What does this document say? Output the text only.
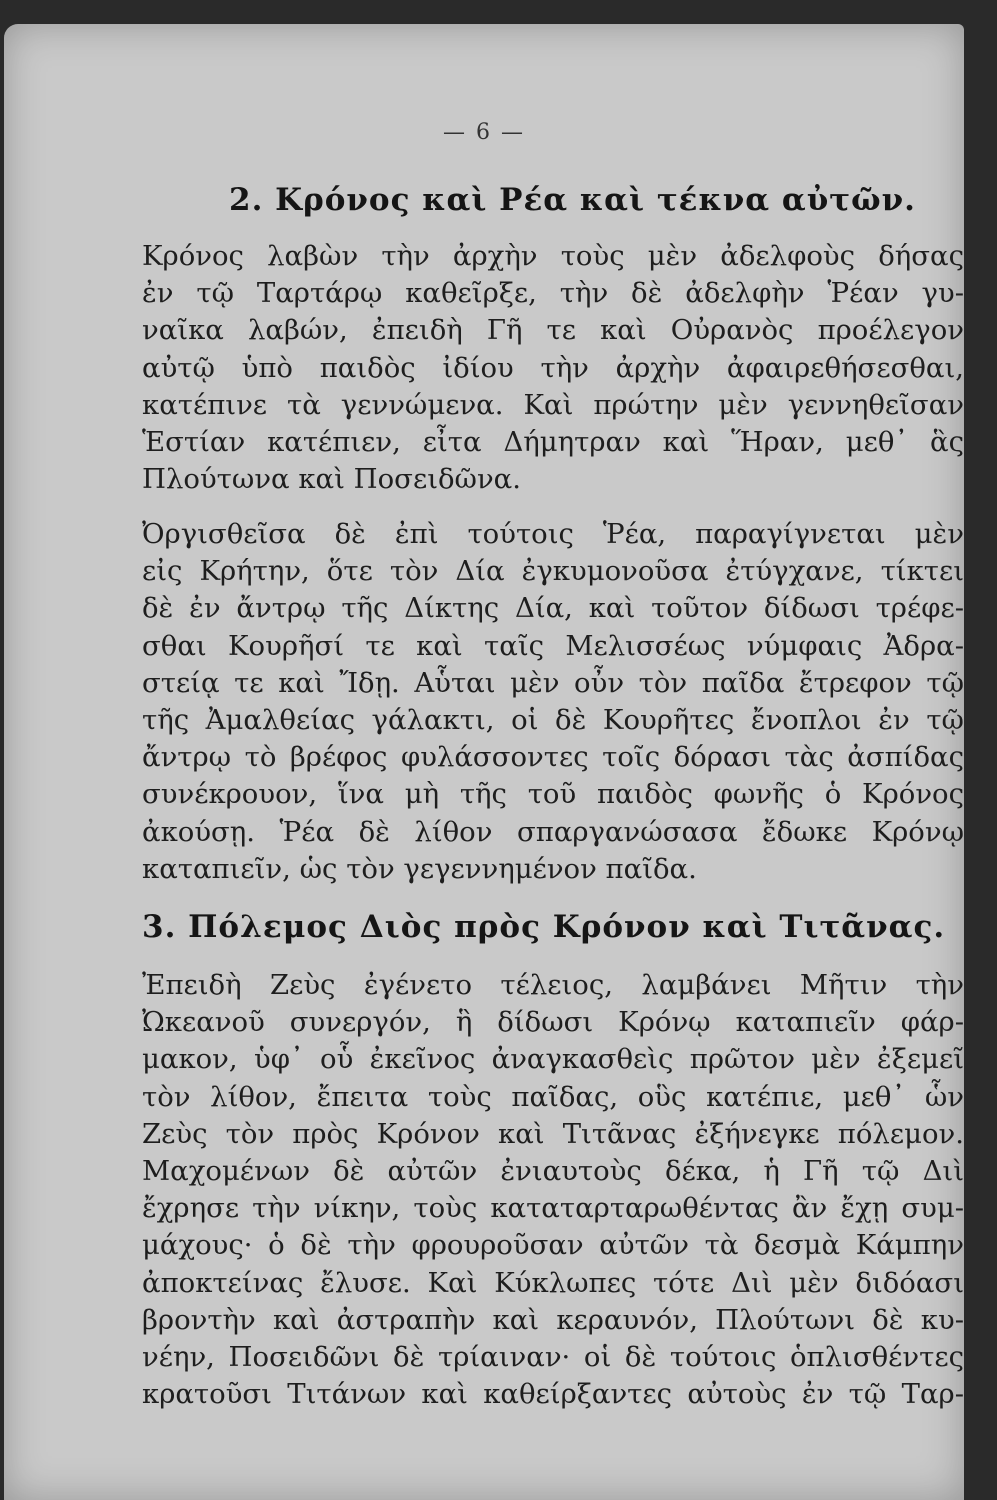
— 6 —
2. Κρόνος καὶ Ρέα καὶ τέκνα αὐτῶν.
Κρόνος λαβὼν τὴν ἀρχὴν τοὺς μὲν ἀδελφοὺς δήσας
ἐν τῷ Ταρτάρῳ καθεῖρξε, τὴν δὲ ἀδελφὴν Ῥέαν γυ-
ναῖκα λαβών, ἐπειδὴ Γῆ τε καὶ Οὐρανὸς προέλεγον
αὐτῷ ὑπὸ παιδὸς ἰδίου τὴν ἀρχὴν ἀφαιρεθήσεσθαι,
κατέπινε τὰ γεννώμενα. Καὶ πρώτην μὲν γεννηθεῖσαν
Ἑστίαν κατέπιεν, εἶτα Δήμητραν καὶ Ἥραν, μεθ᾽ ἃς
Πλούτωνα καὶ Ποσειδῶνα.
Ὀργισθεῖσα δὲ ἐπὶ τούτοις Ῥέα, παραγίγνεται μὲν
εἰς Κρήτην, ὅτε τὸν Δία ἐγκυμονοῦσα ἐτύγχανε, τίκτει
δὲ ἐν ἄντρῳ τῆς Δίκτης Δία, καὶ τοῦτον δίδωσι τρέφε-
σθαι Κουρῆσί τε καὶ ταῖς Μελισσέως νύμφαις Ἀδρα-
στείᾳ τε καὶ Ἴδῃ. Αὗται μὲν οὖν τὸν παῖδα ἔτρεφον τῷ
τῆς Ἀμαλθείας γάλακτι, οἱ δὲ Κουρῆτες ἔνοπλοι ἐν τῷ
ἄντρῳ τὸ βρέφος φυλάσσοντες τοῖς δόρασι τὰς ἀσπίδας
συνέκρουον, ἵνα μὴ τῆς τοῦ παιδὸς φωνῆς ὁ Κρόνος
ἀκούσῃ. Ῥέα δὲ λίθον σπαργανώσασα ἔδωκε Κρόνῳ
καταπιεῖν, ὡς τὸν γεγεννημένον παῖδα.
3. Πόλεμος Διὸς πρὸς Κρόνον καὶ Τιτᾶνας.
Ἐπειδὴ Ζεὺς ἐγένετο τέλειος, λαμβάνει Μῆτιν τὴν
Ὠκεανοῦ συνεργόν, ἣ δίδωσι Κρόνῳ καταπιεῖν φάρ-
μακον, ὑφ᾽ οὗ ἐκεῖνος ἀναγκασθεὶς πρῶτον μὲν ἐξεμεῖ
τὸν λίθον, ἔπειτα τοὺς παῖδας, οὓς κατέπιε, μεθ᾽ ὧν
Ζεὺς τὸν πρὸς Κρόνον καὶ Τιτᾶνας ἐξήνεγκε πόλεμον.
Μαχομένων δὲ αὐτῶν ἐνιαυτοὺς δέκα, ἡ Γῆ τῷ Διὶ
ἔχρησε τὴν νίκην, τοὺς καταταρταρωθέντας ἂν ἔχῃ συμ-
μάχους· ὁ δὲ τὴν φρουροῦσαν αὐτῶν τὰ δεσμὰ Κάμπην
ἀποκτείνας ἔλυσε. Καὶ Κύκλωπες τότε Διὶ μὲν διδόασι
βροντὴν καὶ ἀστραπὴν καὶ κεραυνόν, Πλούτωνι δὲ κυ-
νέην, Ποσειδῶνι δὲ τρίαιναν· οἱ δὲ τούτοις ὁπλισθέντες
κρατοῦσι Τιτάνων καὶ καθείρξαντες αὐτοὺς ἐν τῷ Ταρ-
